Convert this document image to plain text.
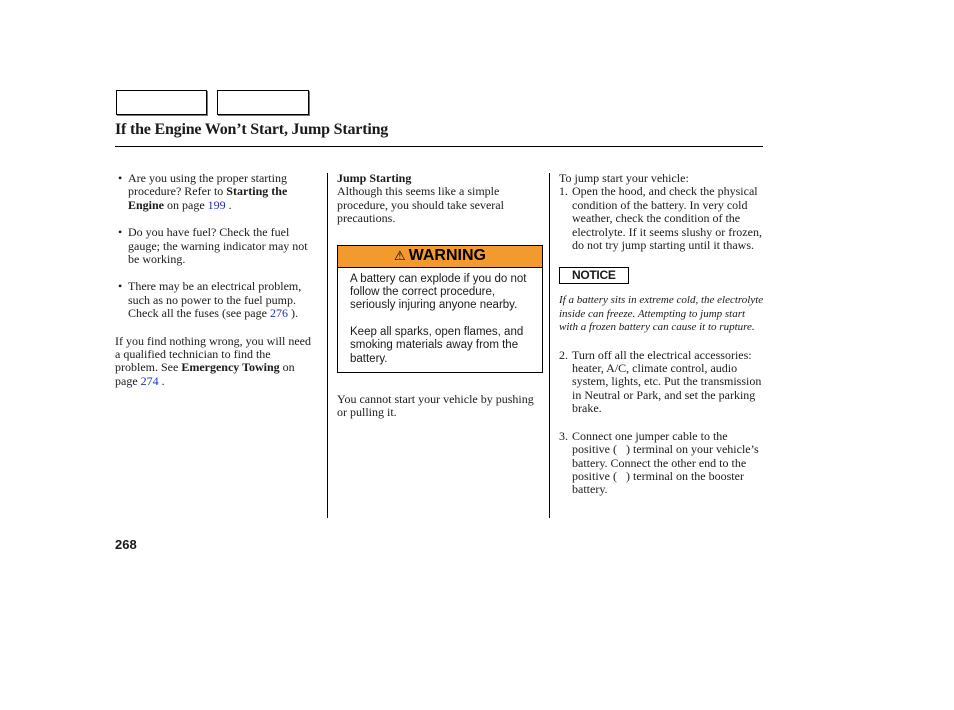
If the Engine Won’t Start, Jump Starting
• Are you using the proper starting procedure? Refer to Starting the Engine on page 199 .
• Do you have fuel? Check the fuel gauge; the warning indicator may not be working.
• There may be an electrical problem, such as no power to the fuel pump. Check all the fuses (see page 276 ).
If you find nothing wrong, you will need a qualified technician to find the problem. See Emergency Towing on page 274 .
Jump Starting
Although this seems like a simple procedure, you should take several precautions.
⚠ WARNING
A battery can explode if you do not follow the correct procedure, seriously injuring anyone nearby.
Keep all sparks, open flames, and smoking materials away from the battery.
You cannot start your vehicle by pushing or pulling it.
To jump start your vehicle:
1. Open the hood, and check the physical condition of the battery. In very cold weather, check the condition of the electrolyte. If it seems slushy or frozen, do not try jump starting until it thaws.
NOTICE
If a battery sits in extreme cold, the electrolyte inside can freeze. Attempting to jump start with a frozen battery can cause it to rupture.
2. Turn off all the electrical accessories: heater, A/C, climate control, audio system, lights, etc. Put the transmission in Neutral or Park, and set the parking brake.
3. Connect one jumper cable to the positive (   ) terminal on your vehicle’s battery. Connect the other end to the positive (   ) terminal on the booster battery.
268
